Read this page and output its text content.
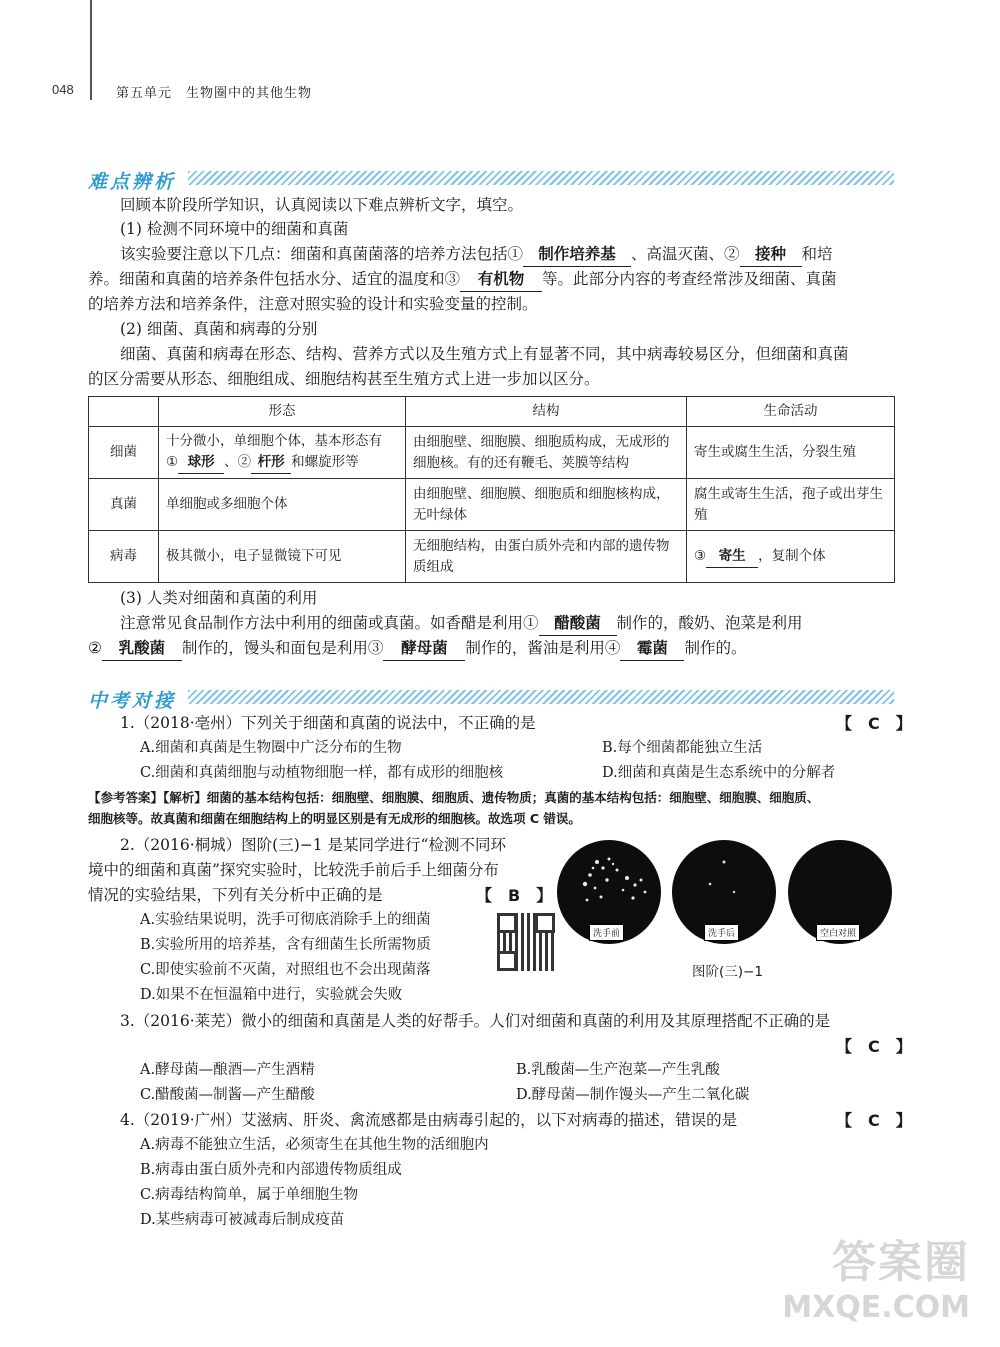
048	第五单元　生物圈中的其他生物
难点辨析
回顾本阶段所学知识，认真阅读以下难点辨析文字，填空。
(1) 检测不同环境中的细菌和真菌
该实验要注意以下几点：细菌和真菌菌落的培养方法包括① 制作培养基 、高温灭菌、② 接种 和培
养。细菌和真菌的培养条件包括水分、适宜的温度和③ 有机物 等。此部分内容的考查经常涉及细菌、真菌
的培养方法和培养条件，注意对照实验的设计和实验变量的控制。
(2) 细菌、真菌和病毒的分别
细菌、真菌和病毒在形态、结构、营养方式以及生殖方式上有显著不同，其中病毒较易区分，但细菌和真菌
的区分需要从形态、细胞组成、细胞结构甚至生殖方式上进一步加以区分。
	形态	结构	生命活动
细菌	十分微小，单细胞个体，基本形态有
① 球形 、② 杆形 和螺旋形等	由细胞壁、细胞膜、细胞质构成，无成形的细胞核。有的还有鞭毛、荚膜等结构	寄生或腐生生活，分裂生殖
真菌	单细胞或多细胞个体	由细胞壁、细胞膜、细胞质和细胞核构成，无叶绿体	腐生或寄生生活，孢子或出芽生殖
病毒	极其微小，电子显微镜下可见	无细胞结构，由蛋白质外壳和内部的遗传物质组成	③ 寄生 ，复制个体
(3) 人类对细菌和真菌的利用
注意常见食品制作方法中利用的细菌或真菌。如香醋是利用① 醋酸菌 制作的，酸奶、泡菜是利用
② 乳酸菌 制作的，馒头和面包是利用③ 酵母菌 制作的，酱油是利用④ 霉菌 制作的。
中考对接
1.（2018·亳州）下列关于细菌和真菌的说法中，不正确的是	【　C　】
A.细菌和真菌是生物圈中广泛分布的生物	B.每个细菌都能独立生活
C.细菌和真菌细胞与动植物细胞一样，都有成形的细胞核	D.细菌和真菌是生态系统中的分解者
【参考答案】【解析】细菌的基本结构包括：细胞壁、细胞膜、细胞质、遗传物质；真菌的基本结构包括：细胞壁、细胞膜、细胞质、
细胞核等。故真菌和细菌在细胞结构上的明显区别是有无成形的细胞核。故选项 C 错误。
2.（2016·桐城）图阶(三)−1 是某同学进行“检测不同环
境中的细菌和真菌”探究实验时，比较洗手前后手上细菌分布
情况的实验结果，下列有关分析中正确的是	【　B　】
A.实验结果说明，洗手可彻底消除手上的细菌
B.实验所用的培养基，含有细菌生长所需物质
C.即使实验前不灭菌，对照组也不会出现菌落
D.如果不在恒温箱中进行，实验就会失败
洗手前	洗手后	空白对照
图阶(三)−1
3.（2016·莱芜）微小的细菌和真菌是人类的好帮手。人们对细菌和真菌的利用及其原理搭配不正确的是
【　C　】
A.酵母菌—酿酒—产生酒精	B.乳酸菌—生产泡菜—产生乳酸
C.醋酸菌—制酱—产生醋酸	D.酵母菌—制作馒头—产生二氧化碳
4.（2019·广州）艾滋病、肝炎、禽流感都是由病毒引起的，以下对病毒的描述，错误的是	【　C　】
A.病毒不能独立生活，必须寄生在其他生物的活细胞内
B.病毒由蛋白质外壳和内部遗传物质组成
C.病毒结构简单，属于单细胞生物
D.某些病毒可被减毒后制成疫苗
答案圈
MXQE.COM
